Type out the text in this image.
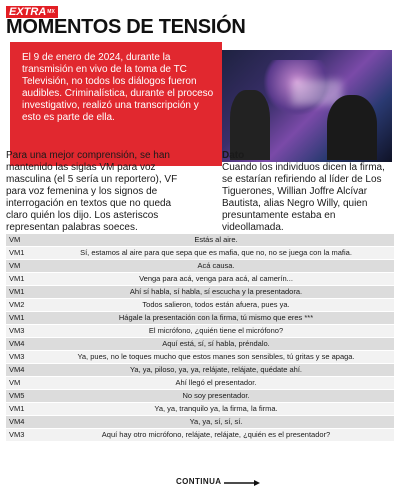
$EXTRA^{MX}$
MOMENTOS DE TENSIÓN
El 9 de enero de 2024, durante la transmisión en vivo de la toma de TC Televisión, no todos los diálogos fueron audibles. Criminalística, durante el proceso investigativo, realizó una transcripción y esto es parte de ella.
Para una mejor comprensión, se han mantenido las siglas VM para voz masculina (el 5 sería un reportero), VF para voz femenina y los signos de interrogación en textos que no queda claro quién los dijo. Los asteriscos representan palabras soeces.
Dato
Cuando los individuos dicen la firma, se estarían refiriendo al líder de Los Tiguerones, Willian Joffre Alcívar Bautista, alias Negro Willy, quien presuntamente estaba en videollamada.
VM	Estás al aire.
VM1	Sí, estamos al aire para que sepa que es mafia, que no, no se juega con la mafia.
VM	Acá causa.
VM1	Venga para acá, venga para acá, al camerín...
VM1	Ahí sí habla, sí habla, sí escucha y la presentadora.
VM2	Todos salieron, todos están afuera, pues ya.
VM1	Hágale la presentación con la firma, tú mismo que eres ***
VM3	El micrófono, ¿quién tiene el micrófono?
VM4	Aquí está, sí, sí habla, préndalo.
VM3	Ya, pues, no le toques mucho que estos manes son sensibles, tú gritas y se apaga.
VM4	Ya, ya, piloso, ya, ya, relájate, relájate, quédate ahí.
VM	Ahí llegó el presentador.
VM5	No soy presentador.
VM1	Ya, ya, tranquilo ya, la firma, la firma.
VM4	Ya, ya, sí, sí, sí.
VM3	Aquí hay otro micrófono, relájate, relájate, ¿quién es el presentador?
CONTINUA
